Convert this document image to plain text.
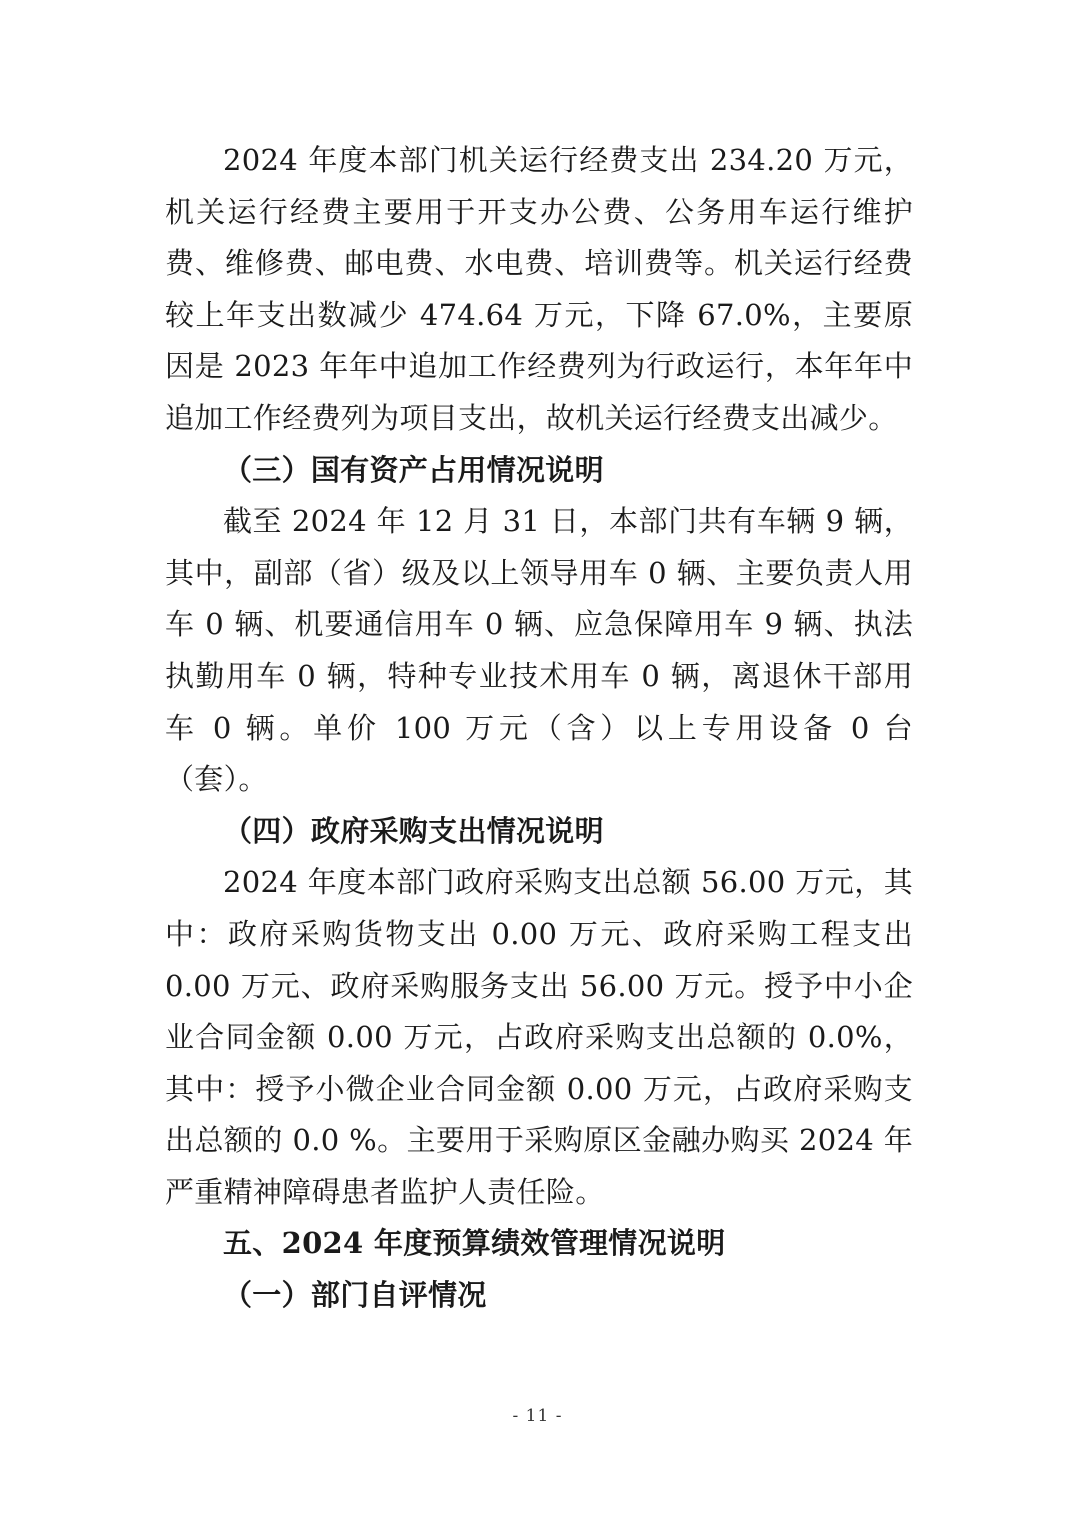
2024 年度本部门机关运行经费支出 234.20 万元，机关运行经费主要用于开支办公费、公务用车运行维护费、维修费、邮电费、水电费、培训费等。机关运行经费较上年支出数减少 474.64 万元，下降 67.0%，主要原因是 2023 年年中追加工作经费列为行政运行，本年年中追加工作经费列为项目支出，故机关运行经费支出减少。

（三）国有资产占用情况说明

截至 2024 年 12 月 31 日，本部门共有车辆 9 辆，其中，副部（省）级及以上领导用车 0 辆、主要负责人用车 0 辆、机要通信用车 0 辆、应急保障用车 9 辆、执法执勤用车 0 辆，特种专业技术用车 0 辆，离退休干部用车 0 辆。单价 100 万元（含）以上专用设备 0 台（套）。

（四）政府采购支出情况说明

2024 年度本部门政府采购支出总额 56.00 万元，其中：政府采购货物支出 0.00 万元、政府采购工程支出 0.00 万元、政府采购服务支出 56.00 万元。授予中小企业合同金额 0.00 万元，占政府采购支出总额的 0.0%，其中：授予小微企业合同金额 0.00 万元，占政府采购支出总额的 0.0 %。主要用于采购原区金融办购买 2024 年严重精神障碍患者监护人责任险。

五、2024 年度预算绩效管理情况说明

（一）部门自评情况

- 11 -
